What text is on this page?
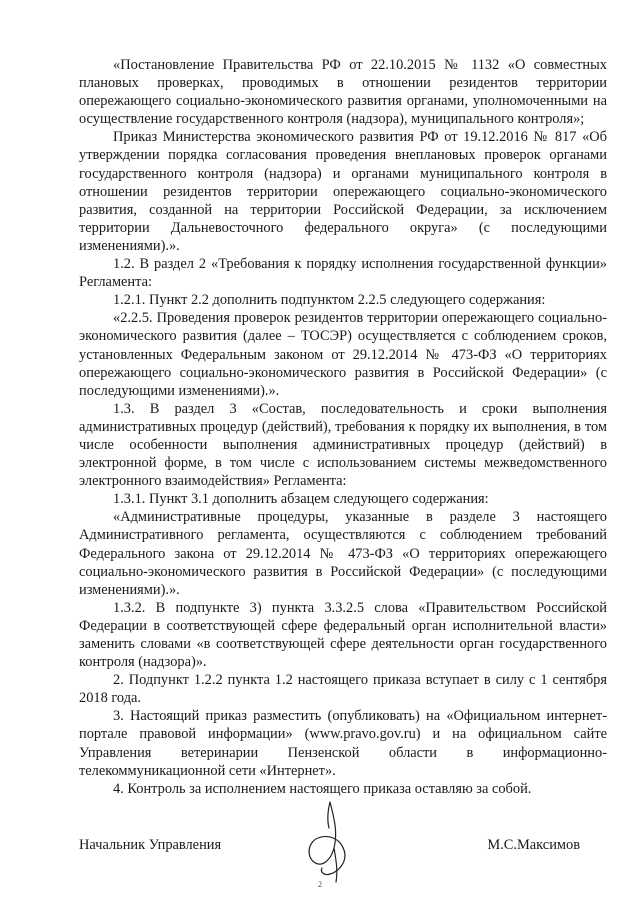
«Постановление Правительства РФ от 22.10.2015 № 1132 «О совместных плановых проверках, проводимых в отношении резидентов территории опережающего социально-экономического развития органами, уполномоченными на осуществление государственного контроля (надзора), муниципального контроля»;

Приказ Министерства экономического развития РФ от 19.12.2016 № 817 «Об утверждении порядка согласования проведения внеплановых проверок органами государственного контроля (надзора) и органами муниципального контроля в отношении резидентов территории опережающего социально-экономического развития, созданной на территории Российской Федерации, за исключением территории Дальневосточного федерального округа» (с последующими изменениями).».

1.2. В раздел 2 «Требования к порядку исполнения государственной функции» Регламента:

1.2.1. Пункт 2.2 дополнить подпунктом 2.2.5 следующего содержания:

«2.2.5. Проведения проверок резидентов территории опережающего социально-экономического развития (далее – ТОСЭР) осуществляется с соблюдением сроков, установленных Федеральным законом от 29.12.2014 № 473-ФЗ «О территориях опережающего социально-экономического развития в Российской Федерации» (с последующими изменениями).».

1.3. В раздел 3 «Состав, последовательность и сроки выполнения административных процедур (действий), требования к порядку их выполнения, в том числе особенности выполнения административных процедур (действий) в электронной форме, в том числе с использованием системы межведомственного электронного взаимодействия» Регламента:

1.3.1. Пункт 3.1 дополнить абзацем следующего содержания:

«Административные процедуры, указанные в разделе 3 настоящего Административного регламента, осуществляются с соблюдением требований Федерального закона от 29.12.2014 № 473-ФЗ «О территориях опережающего социально-экономического развития в Российской Федерации» (с последующими изменениями).».

1.3.2. В подпункте 3) пункта 3.3.2.5 слова «Правительством Российской Федерации в соответствующей сфере федеральный орган исполнительной власти» заменить словами «в соответствующей сфере деятельности орган государственного контроля (надзора)».

2. Подпункт 1.2.2 пункта 1.2 настоящего приказа вступает в силу с 1 сентября 2018 года.

3. Настоящий приказ разместить (опубликовать) на «Официальном интернет-портале правовой информации» (www.pravo.gov.ru) и на официальном сайте Управления ветеринарии Пензенской области в информационно-телекоммуникационной сети «Интернет».

4. Контроль за исполнением настоящего приказа оставляю за собой.

Начальник Управления	М.С.Максимов
2
